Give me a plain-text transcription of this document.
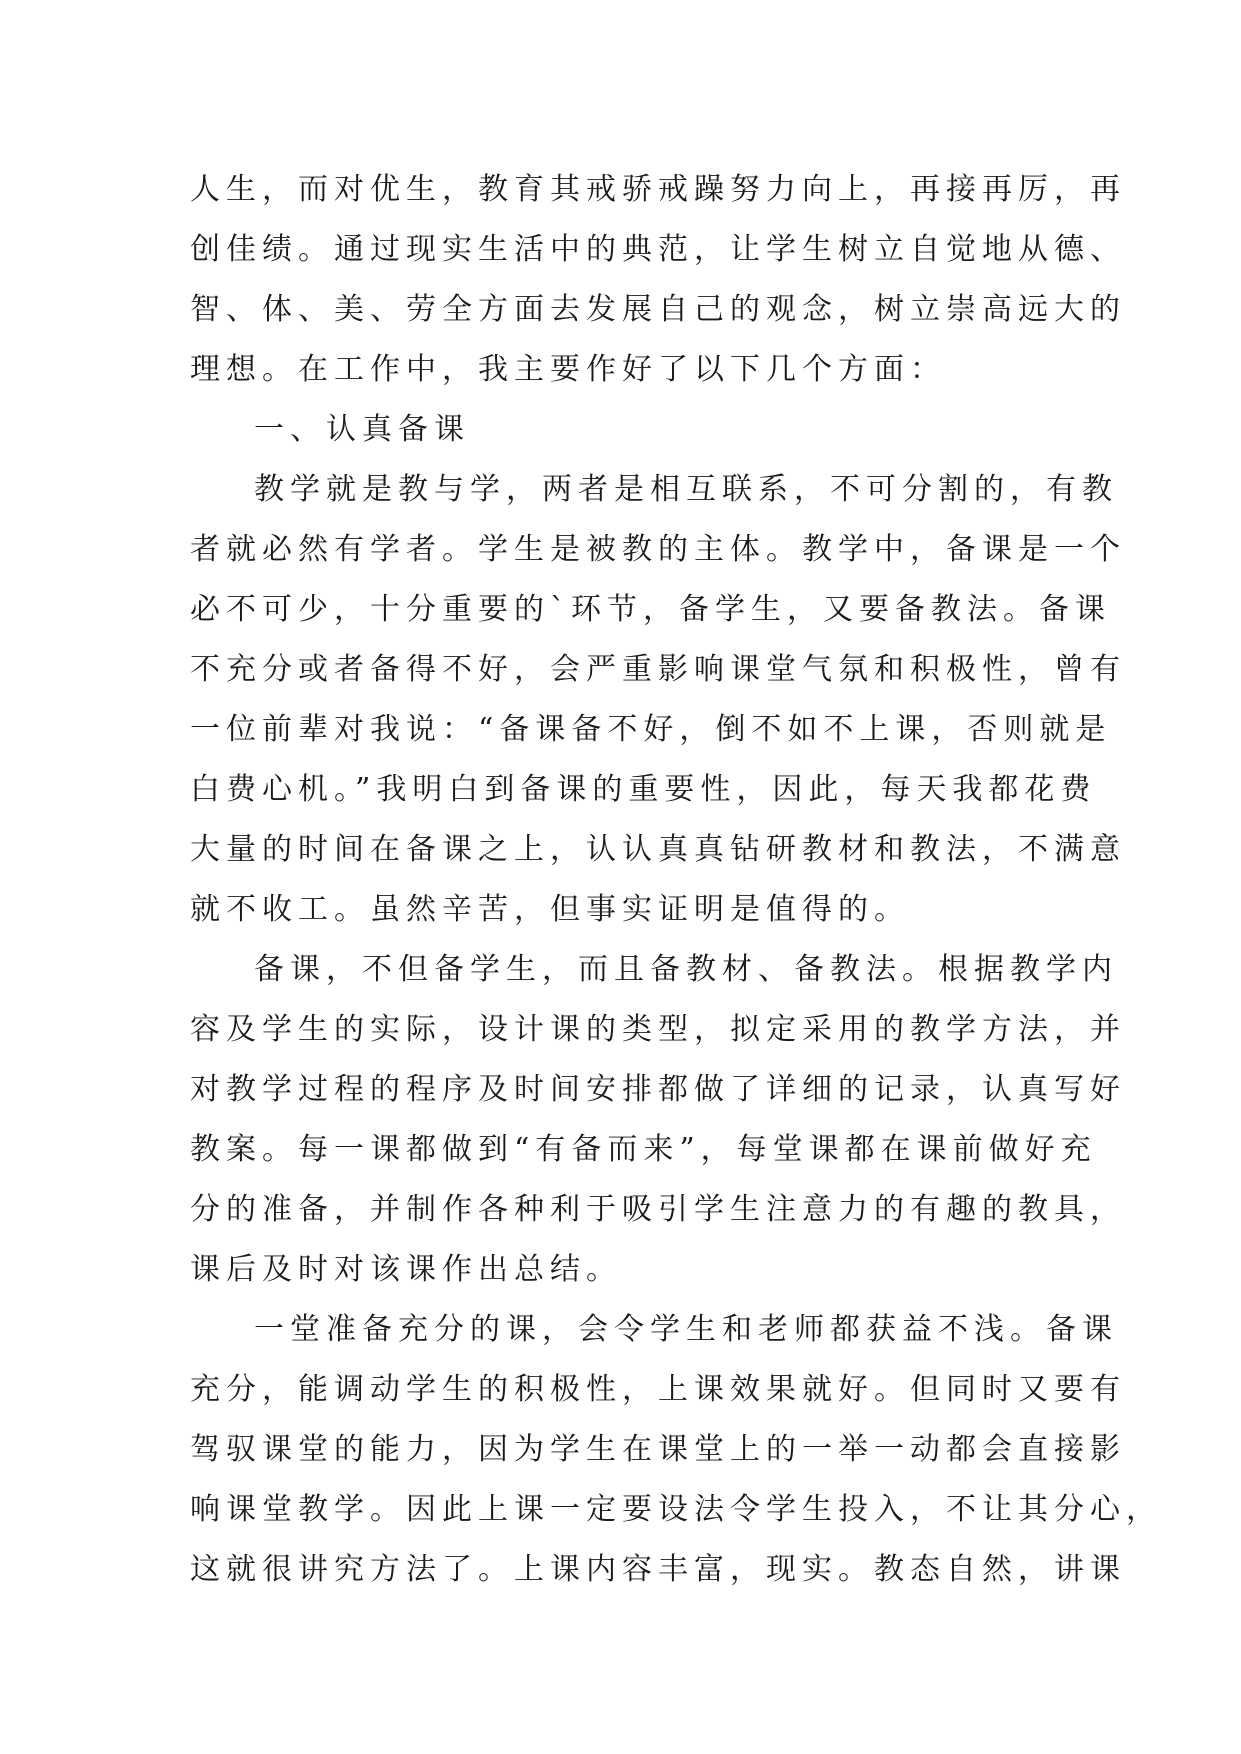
人生，而对优生，教育其戒骄戒躁努力向上，再接再厉，再
创佳绩。通过现实生活中的典范，让学生树立自觉地从德、
智、体、美、劳全方面去发展自己的观念，树立崇高远大的
理想。在工作中，我主要作好了以下几个方面：
一、认真备课
教学就是教与学，两者是相互联系，不可分割的，有教
者就必然有学者。学生是被教的主体。教学中，备课是一个
必不可少，十分重要的`环节，备学生，又要备教法。备课
不充分或者备得不好，会严重影响课堂气氛和积极性，曾有
一位前辈对我说：“备课备不好，倒不如不上课，否则就是
白费心机。”我明白到备课的重要性，因此，每天我都花费
大量的时间在备课之上，认认真真钻研教材和教法，不满意
就不收工。虽然辛苦，但事实证明是值得的。
备课，不但备学生，而且备教材、备教法。根据教学内
容及学生的实际，设计课的类型，拟定采用的教学方法，并
对教学过程的程序及时间安排都做了详细的记录，认真写好
教案。每一课都做到“有备而来”，每堂课都在课前做好充
分的准备，并制作各种利于吸引学生注意力的有趣的教具，
课后及时对该课作出总结。
一堂准备充分的课，会令学生和老师都获益不浅。备课
充分，能调动学生的积极性，上课效果就好。但同时又要有
驾驭课堂的能力，因为学生在课堂上的一举一动都会直接影
响课堂教学。因此上课一定要设法令学生投入，不让其分心，
这就很讲究方法了。上课内容丰富，现实。教态自然，讲课
